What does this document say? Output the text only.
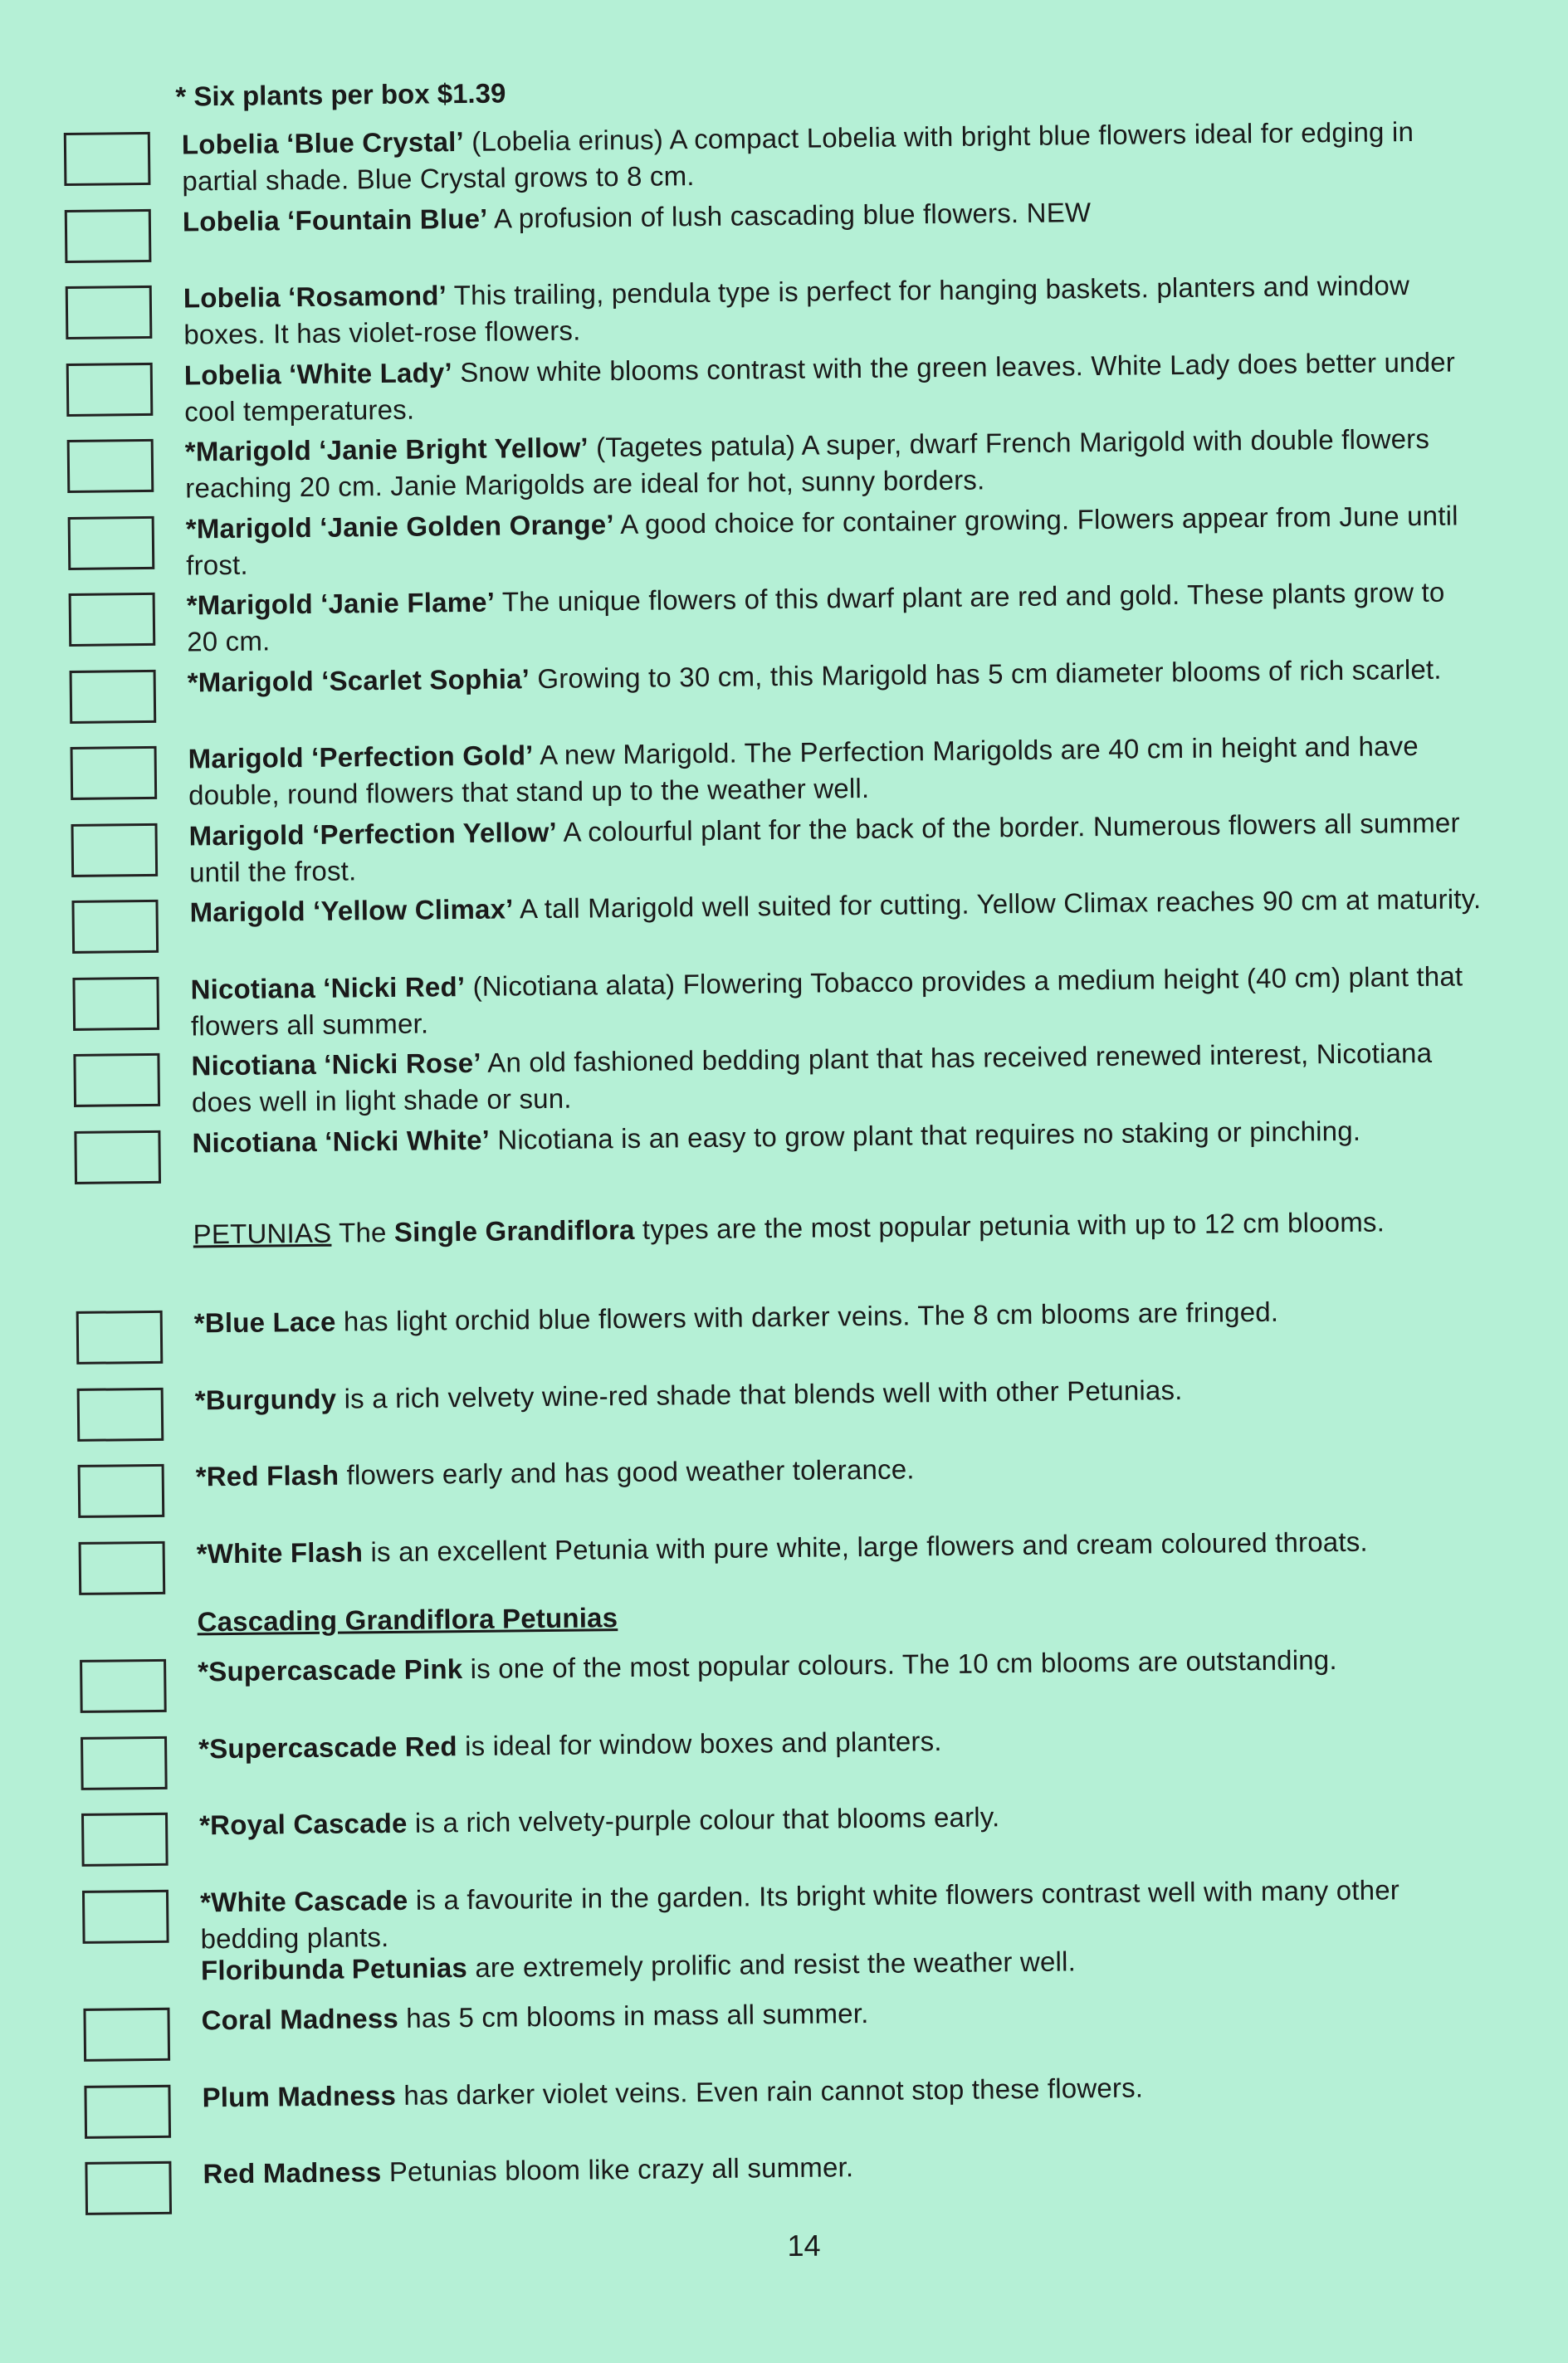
* Six plants per box $1.39
Lobelia ‘Blue Crystal’ (Lobelia erinus) A compact Lobelia with bright blue flowers ideal for edging in partial shade. Blue Crystal grows to 8 cm.
Lobelia ‘Fountain Blue’ A profusion of lush cascading blue flowers. NEW
Lobelia ‘Rosamond’ This trailing, pendula type is perfect for hanging baskets. planters and window boxes. It has violet-rose flowers.
Lobelia ‘White Lady’ Snow white blooms contrast with the green leaves. White Lady does better under cool temperatures.
*Marigold ‘Janie Bright Yellow’ (Tagetes patula) A super, dwarf French Marigold with double flowers reaching 20 cm. Janie Marigolds are ideal for hot, sunny borders.
*Marigold ‘Janie Golden Orange’ A good choice for container growing. Flowers appear from June until frost.
*Marigold ‘Janie Flame’ The unique flowers of this dwarf plant are red and gold. These plants grow to 20 cm.
*Marigold ‘Scarlet Sophia’ Growing to 30 cm, this Marigold has 5 cm diameter blooms of rich scarlet.
Marigold ‘Perfection Gold’ A new Marigold. The Perfection Marigolds are 40 cm in height and have double, round flowers that stand up to the weather well.
Marigold ‘Perfection Yellow’ A colourful plant for the back of the border. Numerous flowers all summer until the frost.
Marigold ‘Yellow Climax’ A tall Marigold well suited for cutting. Yellow Climax reaches 90 cm at maturity.
Nicotiana ‘Nicki Red’ (Nicotiana alata) Flowering Tobacco provides a medium height (40 cm) plant that flowers all summer.
Nicotiana ‘Nicki Rose’ An old fashioned bedding plant that has received renewed interest, Nicotiana does well in light shade or sun.
Nicotiana ‘Nicki White’ Nicotiana is an easy to grow plant that requires no staking or pinching.
PETUNIAS The Single Grandiflora types are the most popular petunia with up to 12 cm blooms.
*Blue Lace has light orchid blue flowers with darker veins. The 8 cm blooms are fringed.
*Burgundy is a rich velvety wine-red shade that blends well with other Petunias.
*Red Flash flowers early and has good weather tolerance.
*White Flash is an excellent Petunia with pure white, large flowers and cream coloured throats.
Cascading Grandiflora Petunias
*Supercascade Pink is one of the most popular colours. The 10 cm blooms are outstanding.
*Supercascade Red is ideal for window boxes and planters.
*Royal Cascade is a rich velvety-purple colour that blooms early.
*White Cascade is a favourite in the garden. Its bright white flowers contrast well with many other bedding plants.
Floribunda Petunias are extremely prolific and resist the weather well.
Coral Madness has 5 cm blooms in mass all summer.
Plum Madness has darker violet veins. Even rain cannot stop these flowers.
Red Madness Petunias bloom like crazy all summer.
14
